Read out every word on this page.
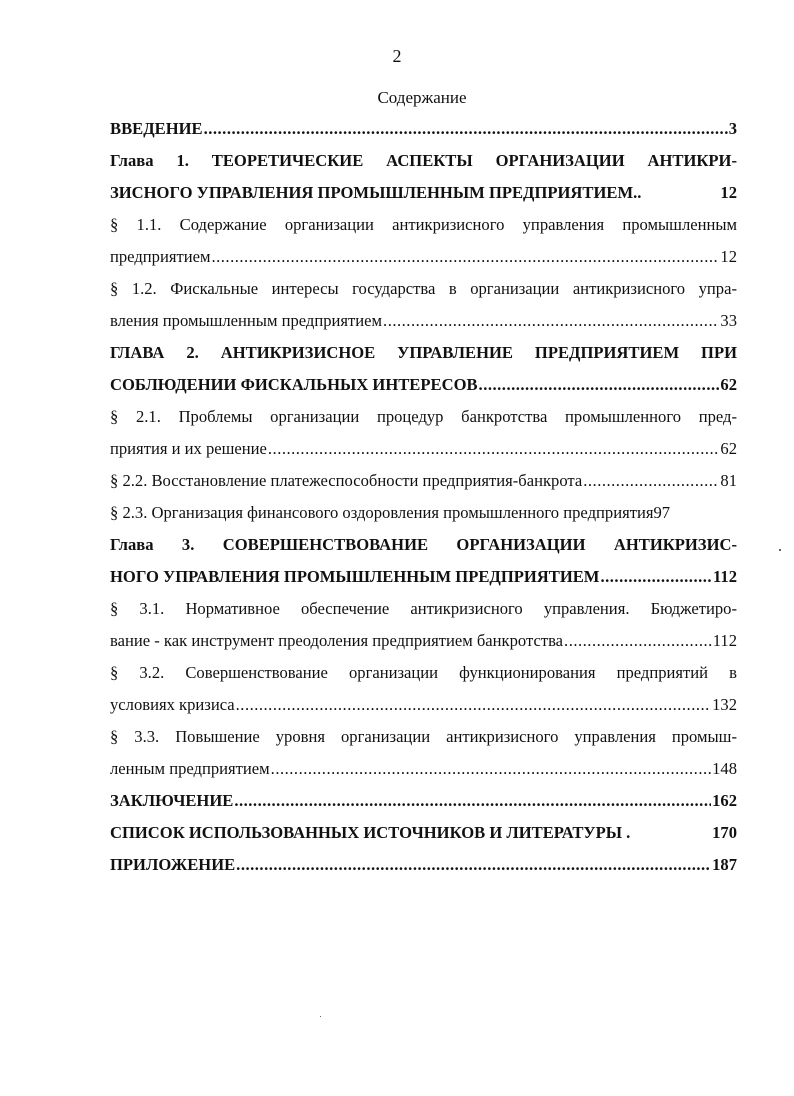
2
Содержание
ВВЕДЕНИЕ .....	3
Глава 1. ТЕОРЕТИЧЕСКИЕ АСПЕКТЫ ОРГАНИЗАЦИИ АНТИКРИ-
ЗИСНОГО УПРАВЛЕНИЯ ПРОМЫШЛЕННЫМ ПРЕДПРИЯТИЕМ..	12
§ 1.1. Содержание организации антикризисного управления промышленным
предприятием .....	12
§ 1.2. Фискальные интересы государства в организации антикризисного упра-
вления промышленным предприятием .....	33
ГЛАВА 2. АНТИКРИЗИСНОЕ УПРАВЛЕНИЕ ПРЕДПРИЯТИЕМ ПРИ
СОБЛЮДЕНИИ ФИСКАЛЬНЫХ ИНТЕРЕСОВ .....	62
§ 2.1. Проблемы организации процедур банкротства промышленного пред-
приятия и их решение .....	62
§ 2.2. Восстановление платежеспособности предприятия-банкрота .....	81
§ 2.3. Организация финансового оздоровления промышленного предприятия97
Глава 3. СОВЕРШЕНСТВОВАНИЕ ОРГАНИЗАЦИИ АНТИКРИЗИС-
НОГО УПРАВЛЕНИЯ ПРОМЫШЛЕННЫМ ПРЕДПРИЯТИЕМ .....	112
§ 3.1. Нормативное обеспечение антикризисного управления. Бюджетиро-
вание - как инструмент преодоления предприятием банкротства .....	112
§ 3.2. Совершенствование организации функционирования предприятий в
условиях кризиса .....	132
§ 3.3. Повышение уровня организации антикризисного управления промыш-
ленным предприятием .....	148
ЗАКЛЮЧЕНИЕ .....	162
СПИСОК ИСПОЛЬЗОВАННЫХ ИСТОЧНИКОВ И ЛИТЕРАТУРЫ .	170
ПРИЛОЖЕНИЕ .....	187
